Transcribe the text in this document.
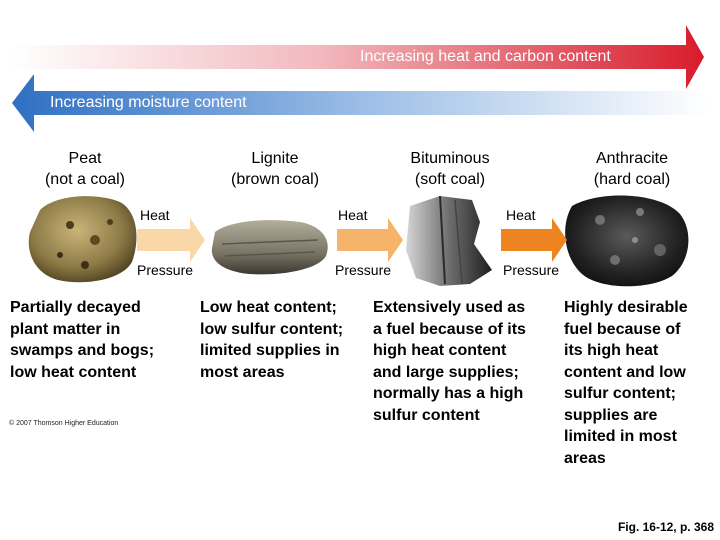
Increasing heat and carbon content
Increasing moisture content
Peat
(not a coal)
Lignite
(brown coal)
Bituminous
(soft coal)
Anthracite
(hard coal)
Heat
Pressure
Heat
Pressure
Heat
Pressure
Partially decayed
plant matter in
swamps and bogs;
low heat content
Low heat content;
low sulfur content;
limited supplies in
most areas
Extensively used as
a fuel because of its
high heat content
and large supplies;
normally has a high
sulfur content
Highly desirable
fuel because of
its high heat
content and low
sulfur content;
supplies are
limited in most
areas
© 2007 Thomson Higher Education
Fig. 16-12, p. 368
